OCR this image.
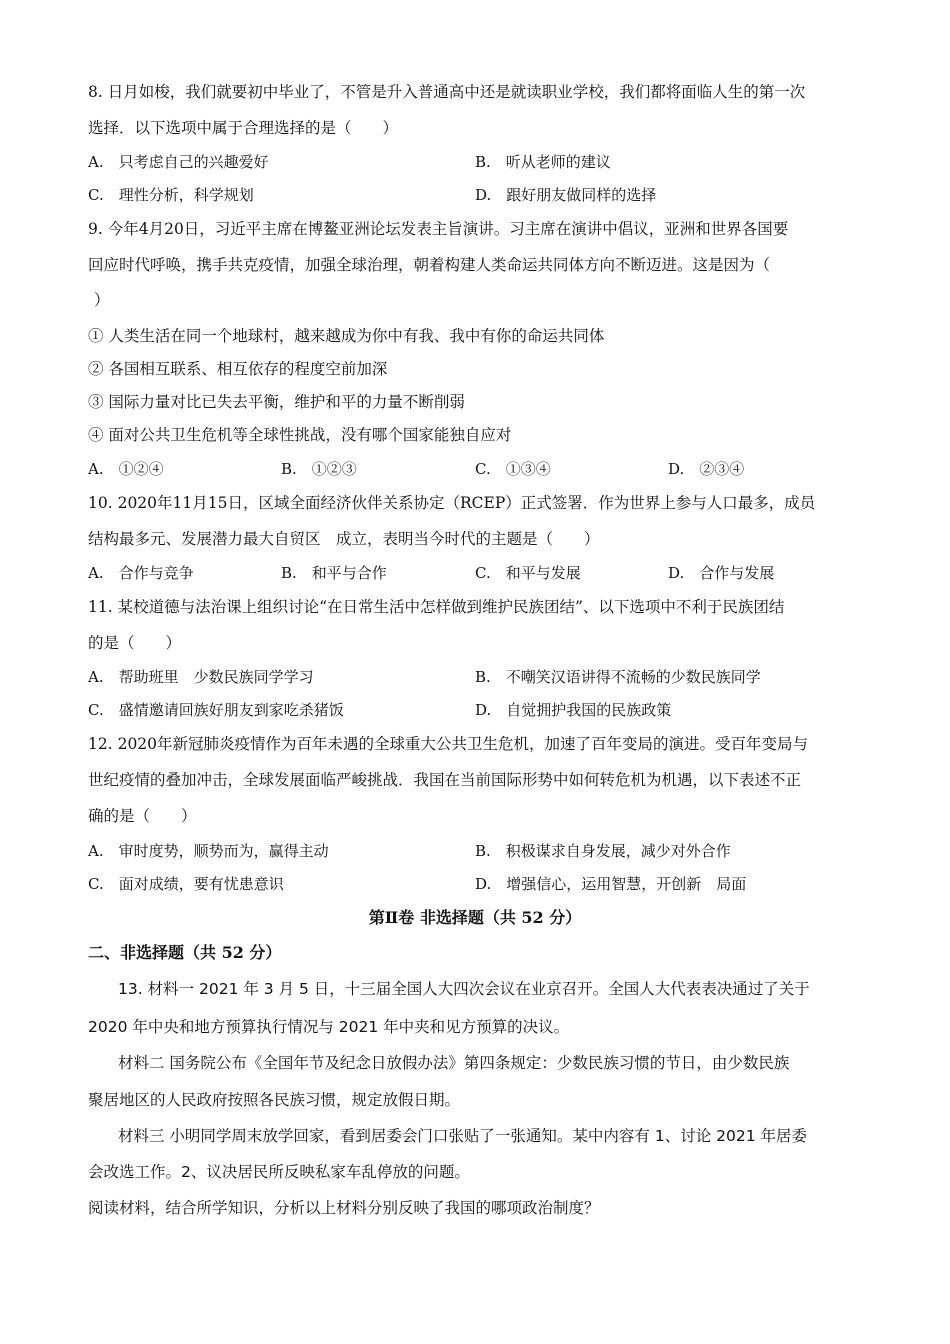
8. 日月如梭，我们就要初中毕业了，不管是升入普通高中还是就读职业学校，我们都将面临人生的第一次
选择．以下选项中属于合理选择的是（　　）
A.　只考虑自己的兴趣爱好	B.　听从老师的建议
C.　理性分析，科学规划	D.　跟好朋友做同样的选择
9. 今年4月20日，习近平主席在博鳌亚洲论坛发表主旨演讲。习主席在演讲中倡议，亚洲和世界各国要
回应时代呼唤，携手共克疫情，加强全球治理，朝着构建人类命运共同体方向不断迈进。这是因为（
）
① 人类生活在同一个地球村，越来越成为你中有我、我中有你的命运共同体
② 各国相互联系、相互依存的程度空前加深
③ 国际力量对比已失去平衡，维护和平的力量不断削弱
④ 面对公共卫生危机等全球性挑战，没有哪个国家能独自应对
A.　①②④	B.　①②③	C.　①③④	D.　②③④
10. 2020年11月15日，区域全面经济伙伴关系协定（RCEP）正式签署．作为世界上参与人口最多，成员
结构最多元、发展潜力最大自贸区　成立，表明当今时代的主题是（　　）
A.　合作与竞争	B.　和平与合作	C.　和平与发展	D.　合作与发展
11. 某校道德与法治课上组织讨论“在日常生活中怎样做到维护民族团结”、以下选项中不利于民族团结
的是（　　）
A.　帮助班里　少数民族同学学习	B.　不嘲笑汉语讲得不流畅的少数民族同学
C.　盛情邀请回族好朋友到家吃杀猪饭	D.　自觉拥护我国的民族政策
12. 2020年新冠肺炎疫情作为百年未遇的全球重大公共卫生危机，加速了百年变局的演进。受百年变局与
世纪疫情的叠加冲击，全球发展面临严峻挑战．我国在当前国际形势中如何转危机为机遇，以下表述不正
确的是（　　）
A.　审时度势，顺势而为，赢得主动	B.　积极谋求自身发展，减少对外合作
C.　面对成绩，要有忧患意识	D.　增强信心，运用智慧，开创新　局面
第Ⅱ卷 非选择题（共 52 分）
二、非选择题（共 52 分）
13. 材料一 2021 年 3 月 5 日，十三届全国人大四次会议在业京召开。全国人大代表表决通过了关于
2020 年中央和地方预算执行情况与 2021 年中夹和见方预算的决议。
材料二 国务院公布《全国年节及纪念日放假办法》第四条规定：少数民族习惯的节日，由少数民族
聚居地区的人民政府按照各民族习惯，规定放假日期。
材料三 小明同学周末放学回家，看到居委会门口张贴了一张通知。某中内容有 1、讨论 2021 年居委
会改选工作。2、议决居民所反映私家车乱停放的问题。
阅读材料，结合所学知识，分析以上材料分别反映了我国的哪项政治制度？
